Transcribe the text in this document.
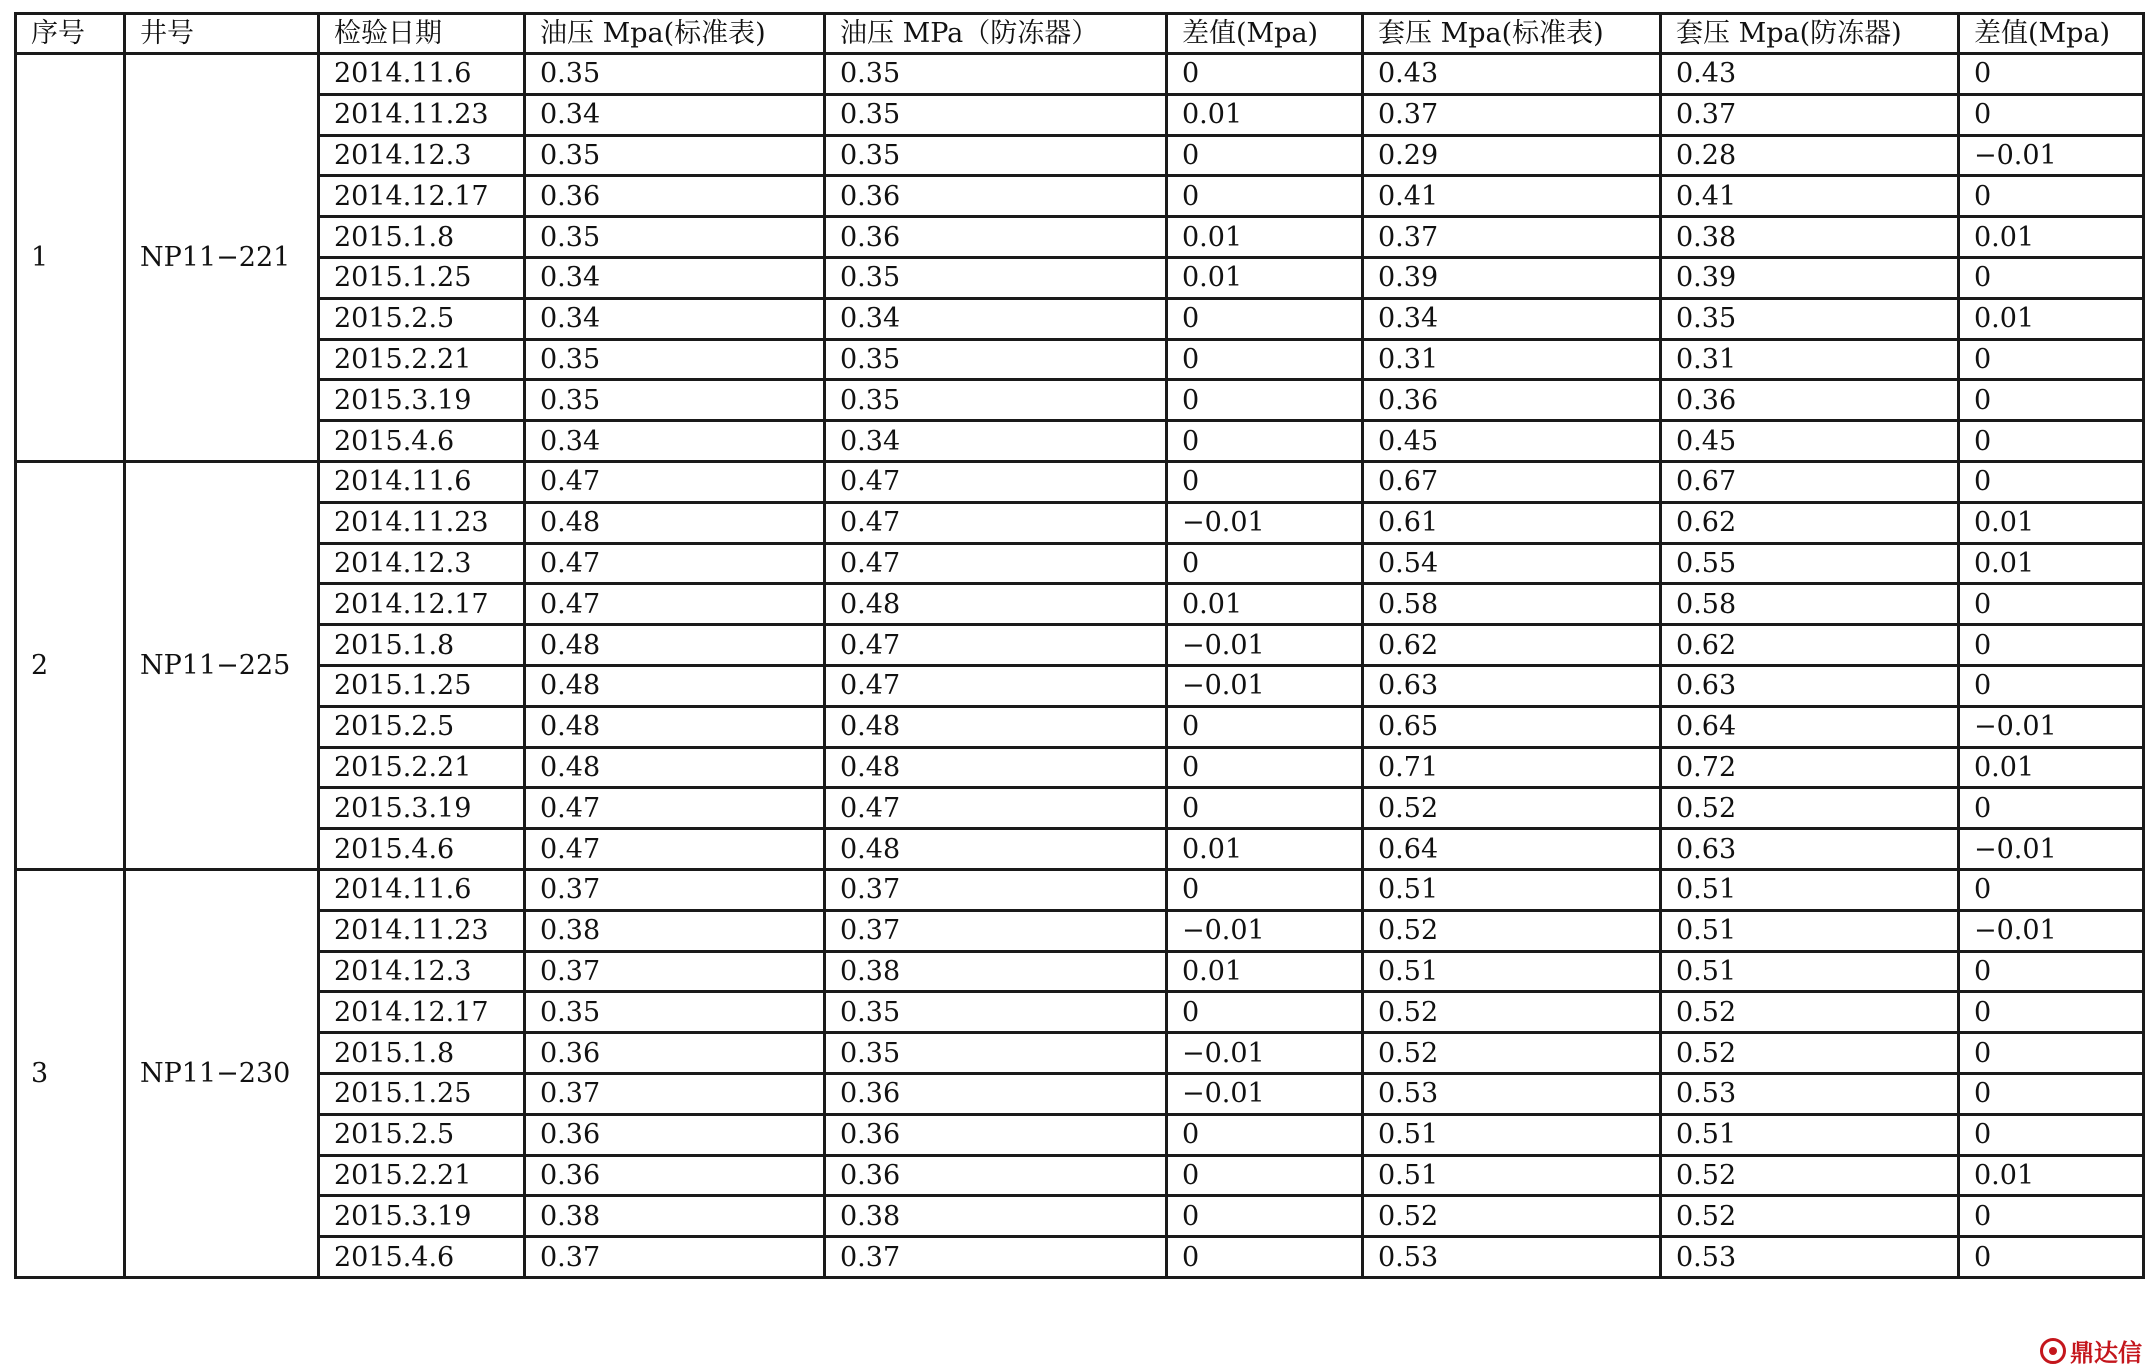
序号	井号	检验日期	油压 Mpa(标准表)	油压 MPa（防冻器）	差值(Mpa)	套压 Mpa(标准表)	套压 Mpa(防冻器)	差值(Mpa)
1	NP11−221	2014.11.6	0.35	0.35	0	0.43	0.43	0
		2014.11.23	0.34	0.35	0.01	0.37	0.37	0
		2014.12.3	0.35	0.35	0	0.29	0.28	−0.01
		2014.12.17	0.36	0.36	0	0.41	0.41	0
		2015.1.8	0.35	0.36	0.01	0.37	0.38	0.01
		2015.1.25	0.34	0.35	0.01	0.39	0.39	0
		2015.2.5	0.34	0.34	0	0.34	0.35	0.01
		2015.2.21	0.35	0.35	0	0.31	0.31	0
		2015.3.19	0.35	0.35	0	0.36	0.36	0
		2015.4.6	0.34	0.34	0	0.45	0.45	0
2	NP11−225	2014.11.6	0.47	0.47	0	0.67	0.67	0
		2014.11.23	0.48	0.47	−0.01	0.61	0.62	0.01
		2014.12.3	0.47	0.47	0	0.54	0.55	0.01
		2014.12.17	0.47	0.48	0.01	0.58	0.58	0
		2015.1.8	0.48	0.47	−0.01	0.62	0.62	0
		2015.1.25	0.48	0.47	−0.01	0.63	0.63	0
		2015.2.5	0.48	0.48	0	0.65	0.64	−0.01
		2015.2.21	0.48	0.48	0	0.71	0.72	0.01
		2015.3.19	0.47	0.47	0	0.52	0.52	0
		2015.4.6	0.47	0.48	0.01	0.64	0.63	−0.01
3	NP11−230	2014.11.6	0.37	0.37	0	0.51	0.51	0
		2014.11.23	0.38	0.37	−0.01	0.52	0.51	−0.01
		2014.12.3	0.37	0.38	0.01	0.51	0.51	0
		2014.12.17	0.35	0.35	0	0.52	0.52	0
		2015.1.8	0.36	0.35	−0.01	0.52	0.52	0
		2015.1.25	0.37	0.36	−0.01	0.53	0.53	0
		2015.2.5	0.36	0.36	0	0.51	0.51	0
		2015.2.21	0.36	0.36	0	0.51	0.52	0.01
		2015.3.19	0.38	0.38	0	0.52	0.52	0
		2015.4.6	0.37	0.37	0	0.53	0.53	0
鼎达信
